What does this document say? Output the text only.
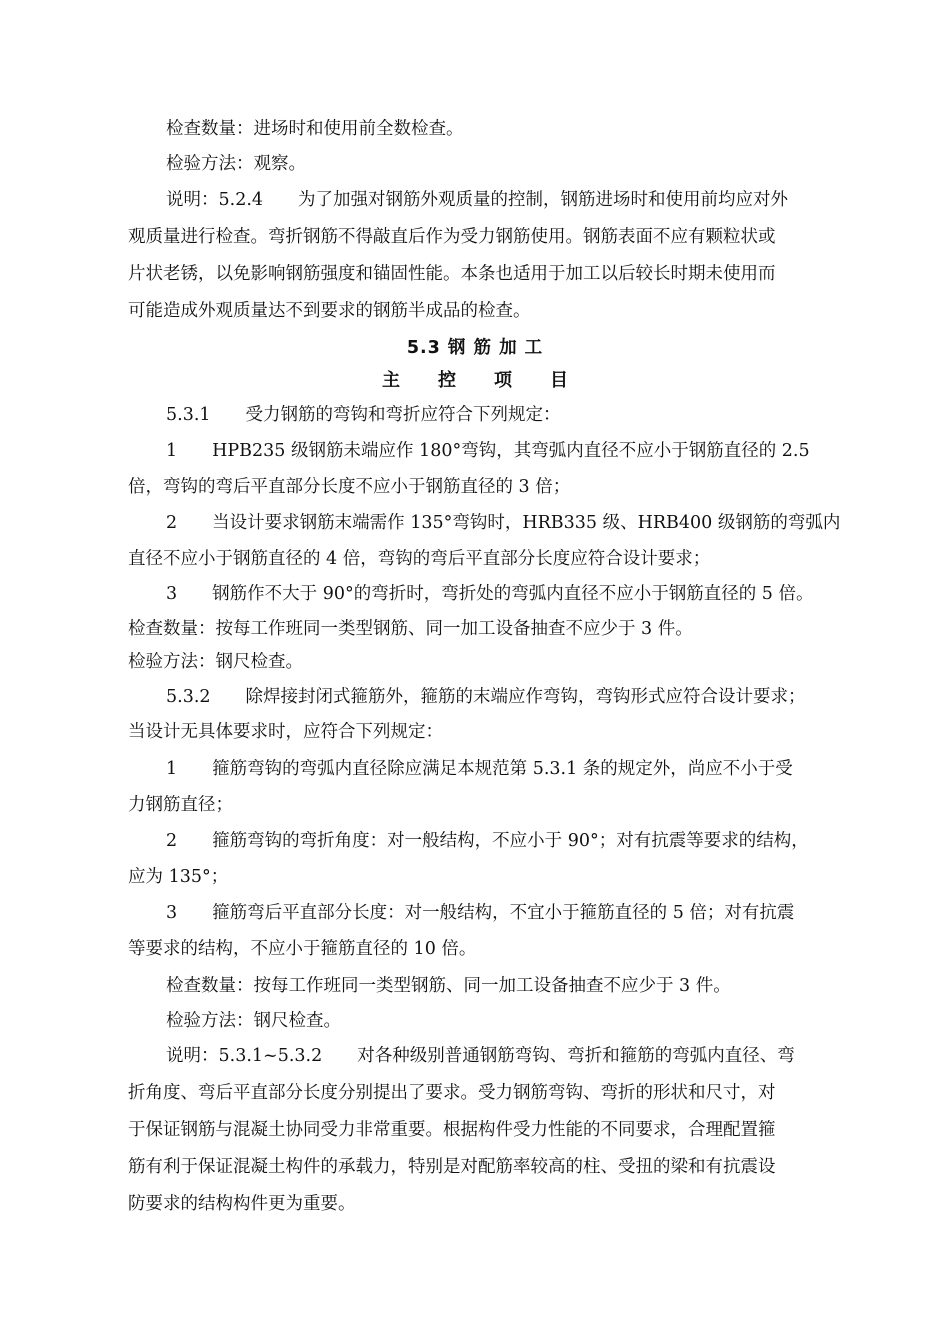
检查数量：进场时和使用前全数检查。
检验方法：观察。
说明：5.2.4　　为了加强对钢筋外观质量的控制，钢筋进场时和使用前均应对外
观质量进行检查。弯折钢筋不得敲直后作为受力钢筋使用。钢筋表面不应有颗粒状或
片状老锈，以免影响钢筋强度和锚固性能。本条也适用于加工以后较长时期未使用而
可能造成外观质量达不到要求的钢筋半成品的检查。
5.3 钢 筋 加 工
主 控 项 目
5.3.1　　受力钢筋的弯钩和弯折应符合下列规定：
1　　HPB235 级钢筋未端应作 180°弯钩，其弯弧内直径不应小于钢筋直径的 2.5
倍，弯钩的弯后平直部分长度不应小于钢筋直径的 3 倍；
2　　当设计要求钢筋末端需作 135°弯钩时，HRB335 级、HRB400 级钢筋的弯弧内
直径不应小于钢筋直径的 4 倍，弯钩的弯后平直部分长度应符合设计要求；
3　　钢筋作不大于 90°的弯折时，弯折处的弯弧内直径不应小于钢筋直径的 5 倍。
检查数量：按每工作班同一类型钢筋、同一加工设备抽查不应少于 3 件。
检验方法：钢尺检查。
5.3.2　　除焊接封闭式箍筋外，箍筋的末端应作弯钩，弯钩形式应符合设计要求；
当设计无具体要求时，应符合下列规定：
1　　箍筋弯钩的弯弧内直径除应满足本规范第 5.3.1 条的规定外，尚应不小于受
力钢筋直径；
2　　箍筋弯钩的弯折角度：对一般结构，不应小于 90°；对有抗震等要求的结构，
应为 135°；
3　　箍筋弯后平直部分长度：对一般结构，不宜小于箍筋直径的 5 倍；对有抗震
等要求的结构，不应小于箍筋直径的 10 倍。
检查数量：按每工作班同一类型钢筋、同一加工设备抽查不应少于 3 件。
检验方法：钢尺检查。
说明：5.3.1~5.3.2　　对各种级别普通钢筋弯钩、弯折和箍筋的弯弧内直径、弯
折角度、弯后平直部分长度分别提出了要求。受力钢筋弯钩、弯折的形状和尺寸，对
于保证钢筋与混凝土协同受力非常重要。根据构件受力性能的不同要求，合理配置箍
筋有利于保证混凝土构件的承载力，特别是对配筋率较高的柱、受扭的梁和有抗震设
防要求的结构构件更为重要。
